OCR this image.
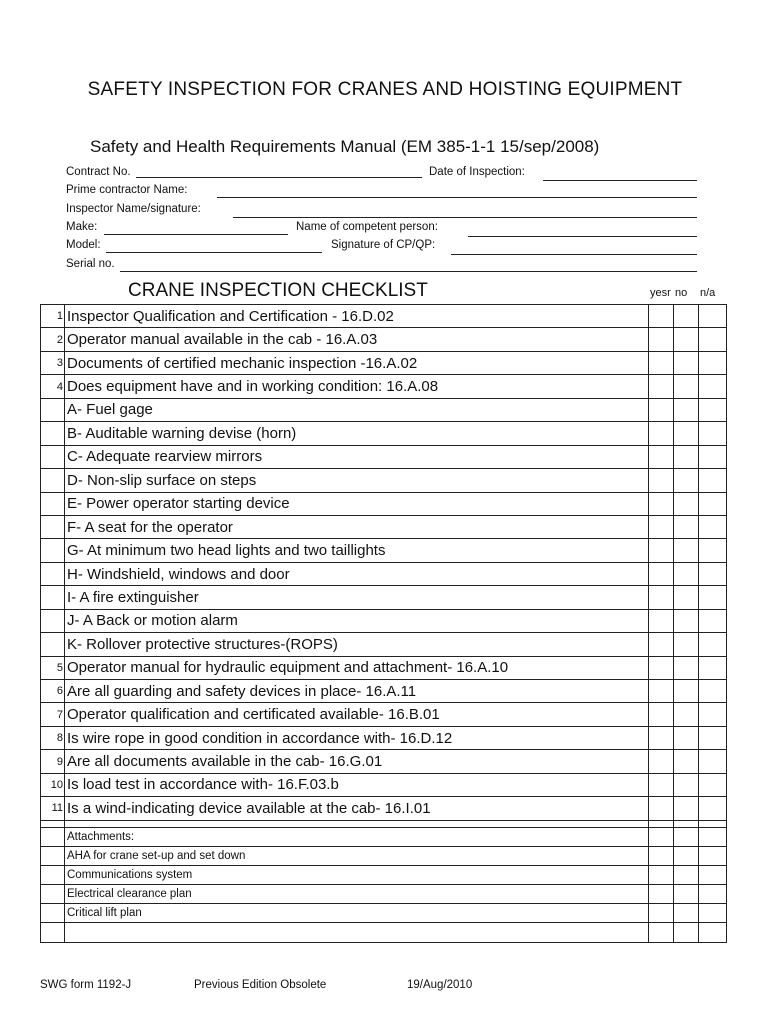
SAFETY INSPECTION FOR CRANES AND HOISTING EQUIPMENT
Safety and Health Requirements Manual (EM 385-1-1 15/sep/2008)
Contract No.	Date of Inspection:
Prime contractor Name:
Inspector Name/signature:
Make:	Name of competent person:
Model:	Signature of CP/QP:
Serial no.
CRANE INSPECTION CHECKLIST	yesr no n/a
1	Inspector Qualification and Certification - 16.D.02			
2	Operator manual available in the cab - 16.A.03			
3	Documents of certified mechanic inspection -16.A.02			
4	Does equipment have and in working condition: 16.A.08			
	A- Fuel gage			
	B- Auditable warning devise (horn)			
	C- Adequate rearview mirrors			
	D- Non-slip surface on steps			
	E- Power operator starting device			
	F- A seat for the operator			
	G- At minimum two head lights and two taillights			
	H- Windshield, windows and door			
	I- A fire extinguisher			
	J- A Back or motion alarm			
	K- Rollover protective structures-(ROPS)			
5	Operator manual for hydraulic equipment and attachment- 16.A.10			
6	Are all guarding and safety devices in place- 16.A.11			
7	Operator qualification and certificated available- 16.B.01			
8	Is wire rope in good condition in accordance with- 16.D.12			
9	Are all documents available in the cab- 16.G.01			
10	Is load test in accordance with- 16.F.03.b			
11	Is a wind-indicating device available at the cab- 16.I.01			

	Attachments:			
	AHA for crane set-up and set down			
	Communications system			
	Electrical clearance plan			
	Critical lift plan			

SWG form 1192-J	Previous Edition Obsolete	19/Aug/2010
